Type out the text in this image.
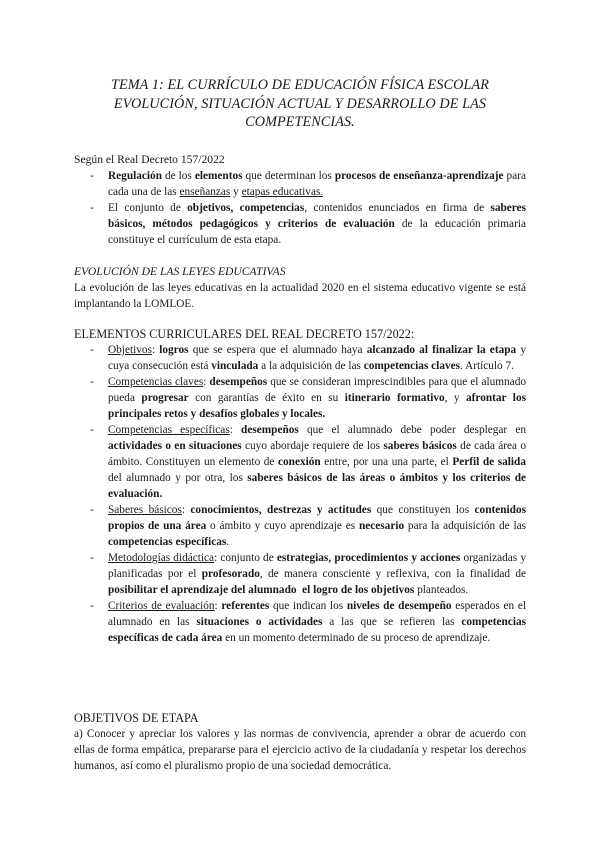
TEMA 1: EL CURRÍCULO DE EDUCACIÓN FÍSICA ESCOLAR
EVOLUCIÓN, SITUACIÓN ACTUAL Y DESARROLLO DE LAS
COMPETENCIAS.
Según el Real Decreto 157/2022
- Regulación de los elementos que determinan los procesos de enseñanza-aprendizaje para cada una de las enseñanzas y etapas educativas.
- El conjunto de objetivos, competencias, contenidos enunciados en firma de saberes básicos, métodos pedagógicos y criterios de evaluación de la educación primaria constituye el currículum de esta etapa.
EVOLUCIÓN DE LAS LEYES EDUCATIVAS
La evolución de las leyes educativas en la actualidad 2020 en el sistema educativo vigente se está implantando la LOMLOE.
ELEMENTOS CURRICULARES DEL REAL DECRETO 157/2022:
- Objetivos: logros que se espera que el alumnado haya alcanzado al finalizar la etapa y cuya consecución está vinculada a la adquisición de las competencias claves. Artículo 7.
- Competencias claves: desempeños que se consideran imprescindibles para que el alumnado pueda progresar con garantías de éxito en su itinerario formativo, y afrontar los principales retos y desafíos globales y locales.
- Competencias específicas: desempeños que el alumnado debe poder desplegar en actividades o en situaciones cuyo abordaje requiere de los saberes básicos de cada área o ámbito. Constituyen un elemento de conexión entre, por una una parte, el Perfil de salida del alumnado y por otra, los saberes básicos de las áreas o ámbitos y los criterios de evaluación.
- Saberes básicos: conocimientos, destrezas y actitudes que constituyen los contenidos propios de una área o ámbito y cuyo aprendizaje es necesario para la adquisición de las competencias específicas.
- Metodologías didáctica: conjunto de estrategias, procedimientos y acciones organizadas y planificadas por el profesorado, de manera consciente y reflexiva, con la finalidad de posibilitar el aprendizaje del alumnado el logro de los objetivos planteados.
- Criterios de evaluación: referentes que indican los niveles de desempeño esperados en el alumnado en las situaciones o actividades a las que se refieren las competencias específicas de cada área en un momento determinado de su proceso de aprendizaje.
OBJETIVOS DE ETAPA
a) Conocer y apreciar los valores y las normas de convivencia, aprender a obrar de acuerdo con ellas de forma empática, prepararse para el ejercicio activo de la ciudadanía y respetar los derechos humanos, así como el pluralismo propio de una sociedad democrática.
